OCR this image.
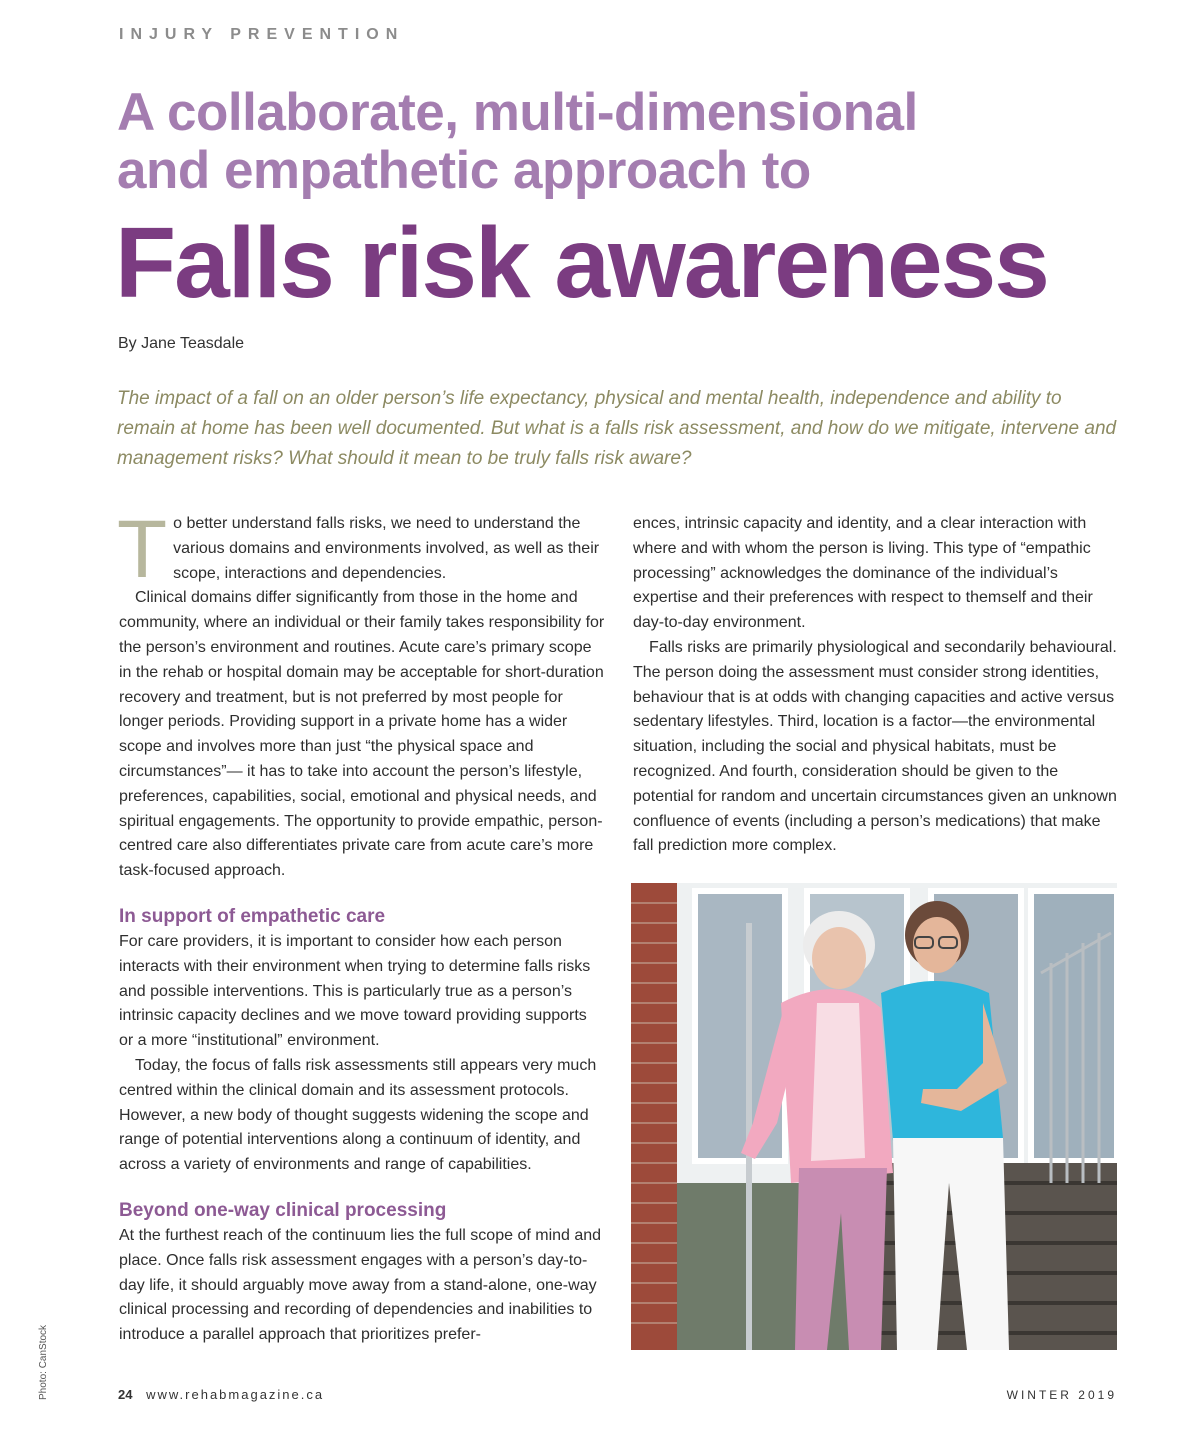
INJURY PREVENTION
A collaborate, multi-dimensional
and empathetic approach to
Falls risk awareness
By Jane Teasdale

The impact of a fall on an older person’s life expectancy, physical and mental health, independence and ability to remain at home has been well documented. But what is a falls risk assessment, and how do we mitigate, intervene and management risks? What should it mean to be truly falls risk aware?

To better understand falls risks, we need to understand the various domains and environments involved, as well as their scope, interactions and dependencies.

Clinical domains differ significantly from those in the home and community, where an individual or their family takes responsibility for the person’s environment and routines. Acute care’s primary scope in the rehab or hospital domain may be acceptable for short-duration recovery and treatment, but is not preferred by most people for longer periods. Providing support in a private home has a wider scope and involves more than just “the physical space and circumstances”— it has to take into account the person’s lifestyle, preferences, capabilities, social, emotional and physical needs, and spiritual engagements. The opportunity to provide empathic, person-centred care also differentiates private care from acute care’s more task-focused approach.

In support of empathetic care

For care providers, it is important to consider how each person interacts with their environment when trying to determine falls risks and possible interventions. This is particularly true as a person’s intrinsic capacity declines and we move toward providing supports or a more “institutional” environment.

Today, the focus of falls risk assessments still appears very much centred within the clinical domain and its assessment protocols. However, a new body of thought suggests widening the scope and range of potential interventions along a continuum of identity, and across a variety of environments and range of capabilities.

Beyond one-way clinical processing

At the furthest reach of the continuum lies the full scope of mind and place. Once falls risk assessment engages with a person’s day-to-day life, it should arguably move away from a stand-alone, one-way clinical processing and recording of dependencies and inabilities to introduce a parallel approach that prioritizes prefer-

ences, intrinsic capacity and identity, and a clear interaction with where and with whom the person is living. This type of “empathic processing” acknowledges the dominance of the individual’s expertise and their preferences with respect to themself and their day-to-day environment.

Falls risks are primarily physiological and secondarily behavioural. The person doing the assessment must consider strong identities, behaviour that is at odds with changing capacities and active versus sedentary lifestyles. Third, location is a factor—the environmental situation, including the social and physical habitats, must be recognized. And fourth, consideration should be given to the potential for random and uncertain circumstances given an unknown confluence of events (including a person’s medications) that make fall prediction more complex.

Photo: CanStock	24 www.rehabmagazine.ca	WINTER 2019
